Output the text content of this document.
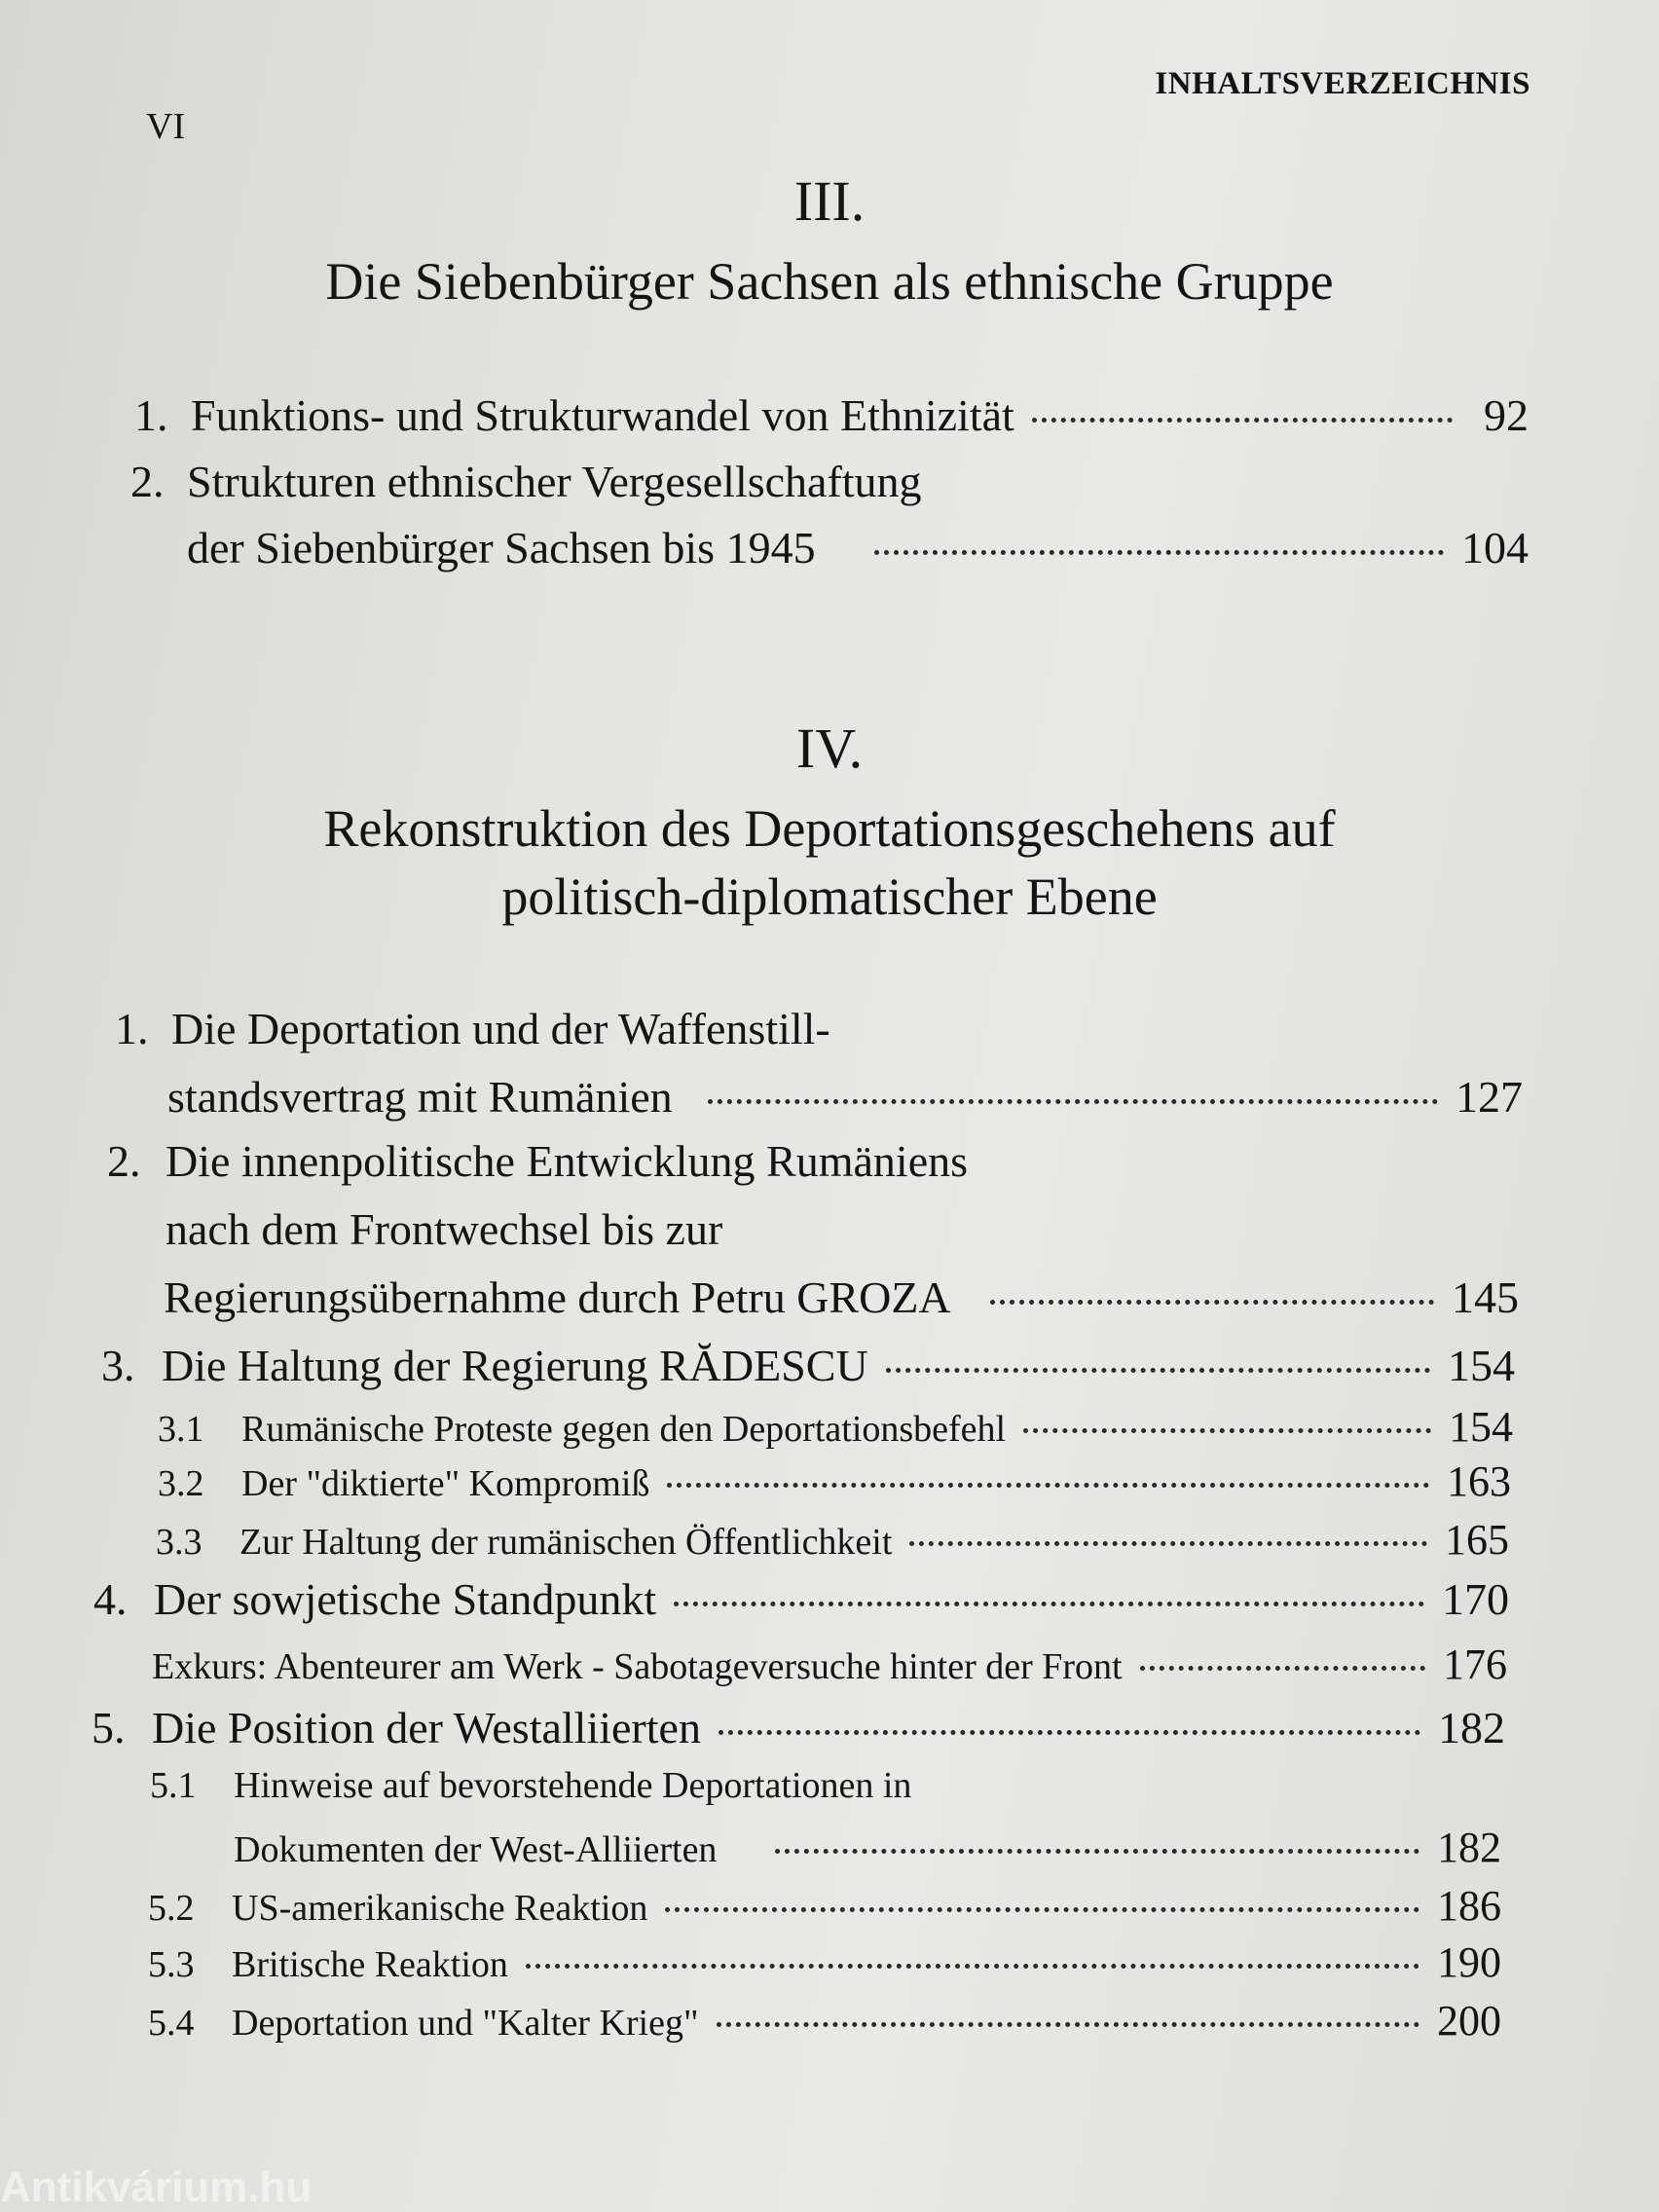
VI
INHALTSVERZEICHNIS
III.
Die Siebenbürger Sachsen als ethnische Gruppe
1. Funktions- und Strukturwandel von Ethnizität	92
2. Strukturen ethnischer Vergesellschaftung
der Siebenbürger Sachsen bis 1945	104
IV.
Rekonstruktion des Deportationsgeschehens auf
politisch-diplomatischer Ebene
1. Die Deportation und der Waffenstill-
standsvertrag mit Rumänien	127
2. Die innenpolitische Entwicklung Rumäniens
nach dem Frontwechsel bis zur
Regierungsübernahme durch Petru GROZA	145
3. Die Haltung der Regierung RĂDESCU	154
3.1	Rumänische Proteste gegen den Deportationsbefehl	154
3.2	Der "diktierte" Kompromiß	163
3.3	Zur Haltung der rumänischen Öffentlichkeit	165
4. Der sowjetische Standpunkt	170
Exkurs: Abenteurer am Werk - Sabotageversuche hinter der Front	176
5. Die Position der Westalliierten	182
5.1 Hinweise auf bevorstehende Deportationen in
Dokumenten der West-Alliierten	182
5.2	US-amerikanische Reaktion	186
5.3	Britische Reaktion	190
5.4	Deportation und "Kalter Krieg"	200
Antikvárium.hu
